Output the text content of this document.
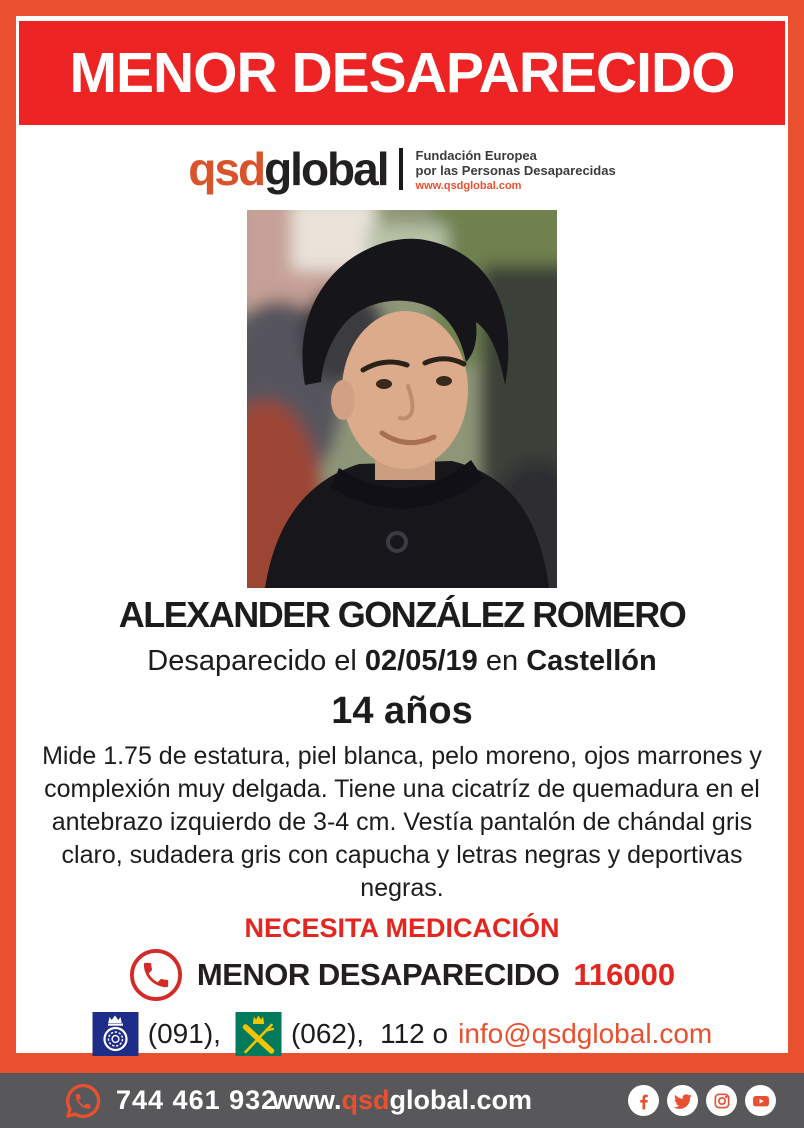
MENOR DESAPARECIDO
qsdglobal Fundación Europea
por las Personas Desaparecidas
www.qsdglobal.com
ALEXANDER GONZÁLEZ ROMERO
Desaparecido el 02/05/19 en Castellón
14 años
Mide 1.75 de estatura, piel blanca, pelo moreno, ojos marrones y complexión muy delgada. Tiene una cicatríz de quemadura en el antebrazo izquierdo de 3-4 cm. Vestía pantalón de chándal gris claro, sudadera gris con capucha y letras negras y deportivas negras.
NECESITA MEDICACIÓN
MENOR DESAPARECIDO 116000
(091),	(062), 112 o info@qsdglobal.com
744 461 932
www. qsd global.com
